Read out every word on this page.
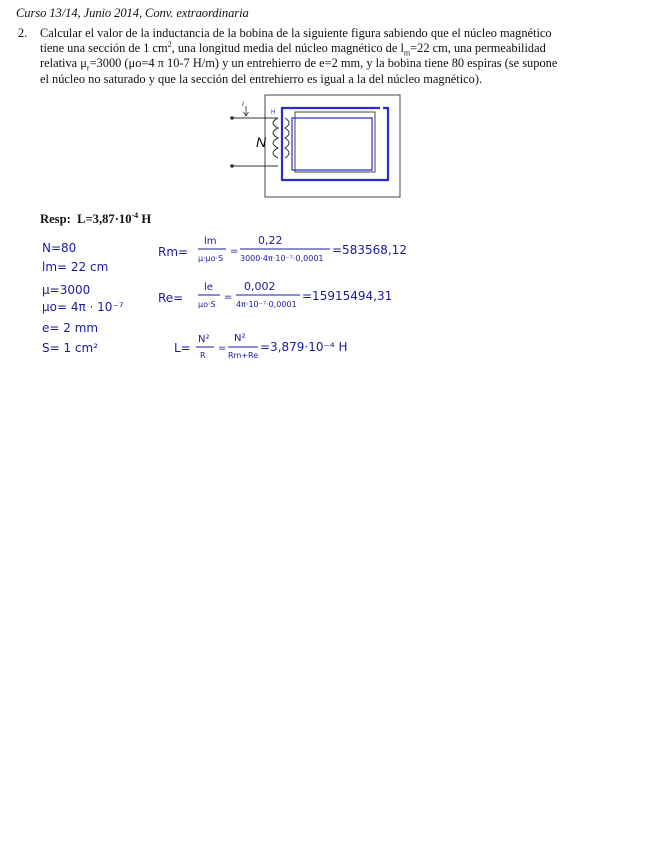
Curso 13/14, Junio 2014, Conv. extraordinaria
2. Calcular el valor de la inductancia de la bobina de la siguiente figura sabiendo que el núcleo magnético
tiene una sección de 1 $cm^2$, una longitud media del núcleo magnético de $l_m=22$ cm, una permeabilidad
relativa $\mu_r=3000$ (μo=4 π 10-7 H/m) y un entrehierro de e=2 mm, y la bobina tiene 80 espiras (se supone
el núcleo no saturado y que la sección del entrehierro es igual a la del núcleo magnético).
i
H
N
Resp: $L=3,87\cdot 10^{-4}$ H
N=80
lm= 22 cm
μ=3000
μo= 4π · 10⁻⁷
e= 2 mm
S= 1 cm²
Rm=
lm
μ·μo·S
=
0,22
3000·4π·10⁻⁷·0,0001
=583568,12
Re=
le
μo·S
=
0,002
4π·10⁻⁷·0,0001
=15915494,31
L=
N²
R
=
N²
Rm+Re
=3,879·10⁻⁴ H
